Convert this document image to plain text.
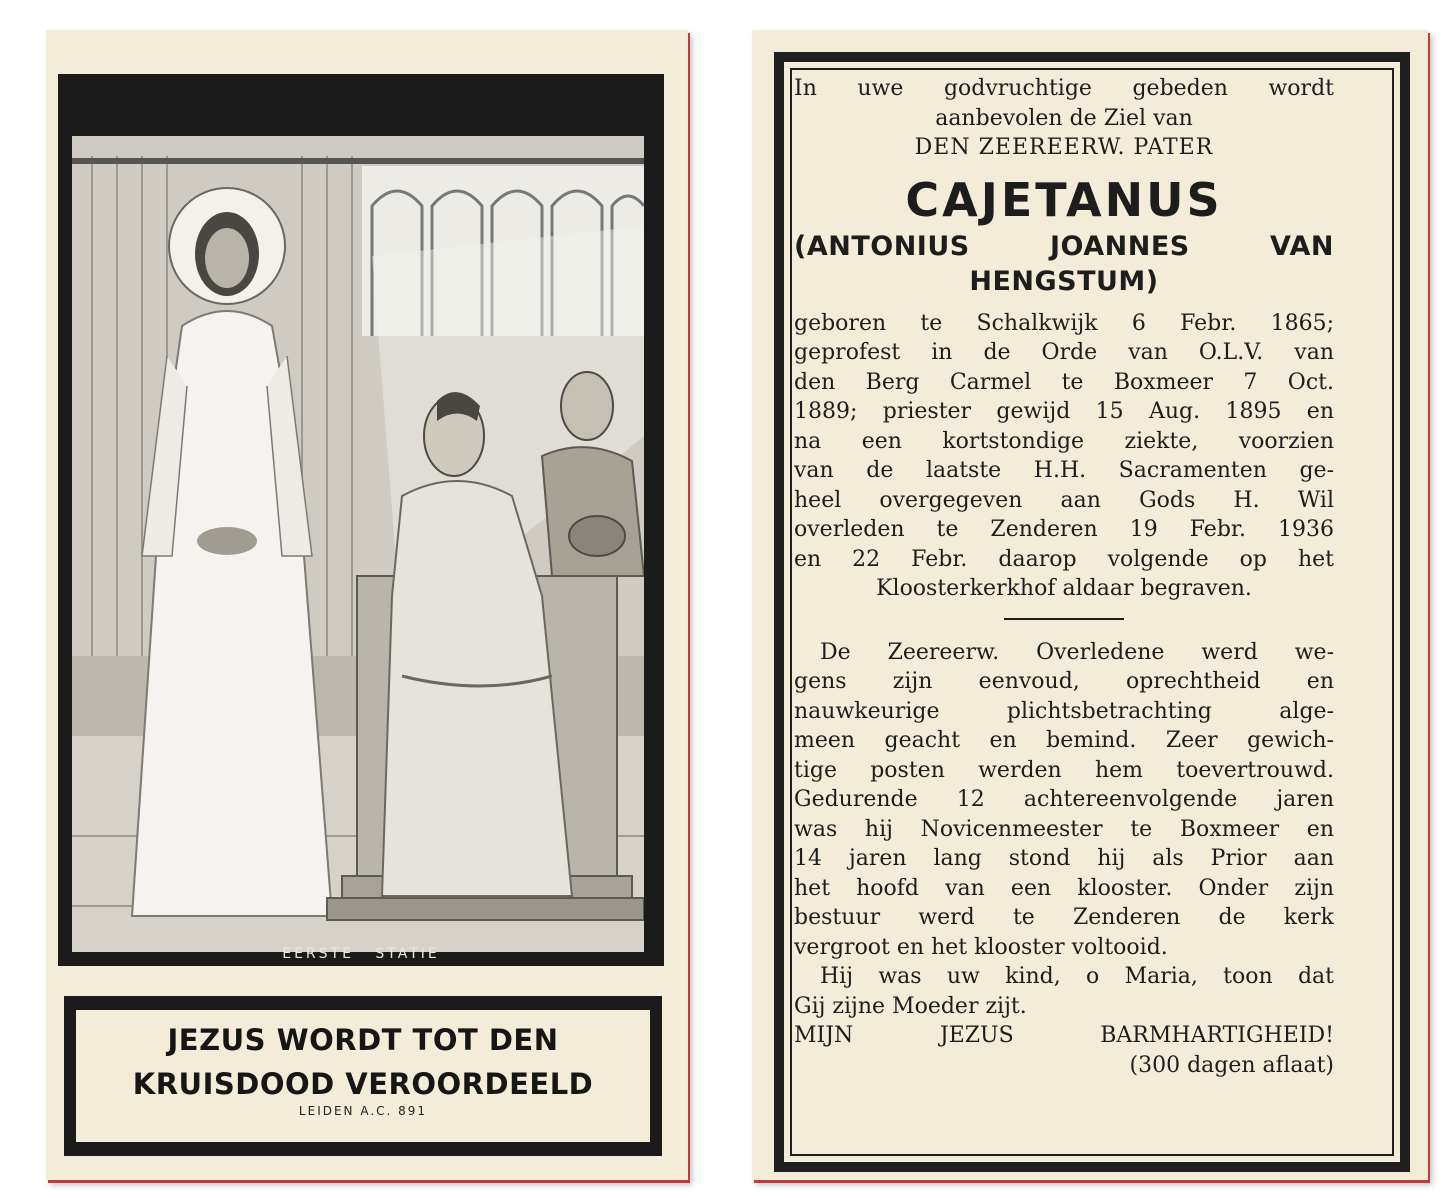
EERSTE STATIE
JEZUS WORDT TOT DEN
KRUISDOOD VEROORDEELD
LEIDEN A.C. 891
In uwe godvruchtige gebeden wordt
aanbevolen de Ziel van
DEN ZEEREERW. PATER
CAJETANUS
(ANTONIUS JOANNES VAN
HENGSTUM)
geboren te Schalkwijk 6 Febr. 1865;
geprofest in de Orde van O.L.V. van
den Berg Carmel te Boxmeer 7 Oct.
1889; priester gewijd 15 Aug. 1895 en
na een kortstondige ziekte, voorzien
van de laatste H.H. Sacramenten ge-
heel overgegeven aan Gods H. Wil
overleden te Zenderen 19 Febr. 1936
en 22 Febr. daarop volgende op het
Kloosterkerkhof aldaar begraven.
De Zeereerw. Overledene werd we-
gens zijn eenvoud, oprechtheid en
nauwkeurige plichtsbetrachting alge-
meen geacht en bemind. Zeer gewich-
tige posten werden hem toevertrouwd.
Gedurende 12 achtereenvolgende jaren
was hij Novicenmeester te Boxmeer en
14 jaren lang stond hij als Prior aan
het hoofd van een klooster. Onder zijn
bestuur werd te Zenderen de kerk
vergroot en het klooster voltooid.
Hij was uw kind, o Maria, toon dat
Gij zijne Moeder zijt.
MIJN JEZUS BARMHARTIGHEID!
(300 dagen aflaat)
